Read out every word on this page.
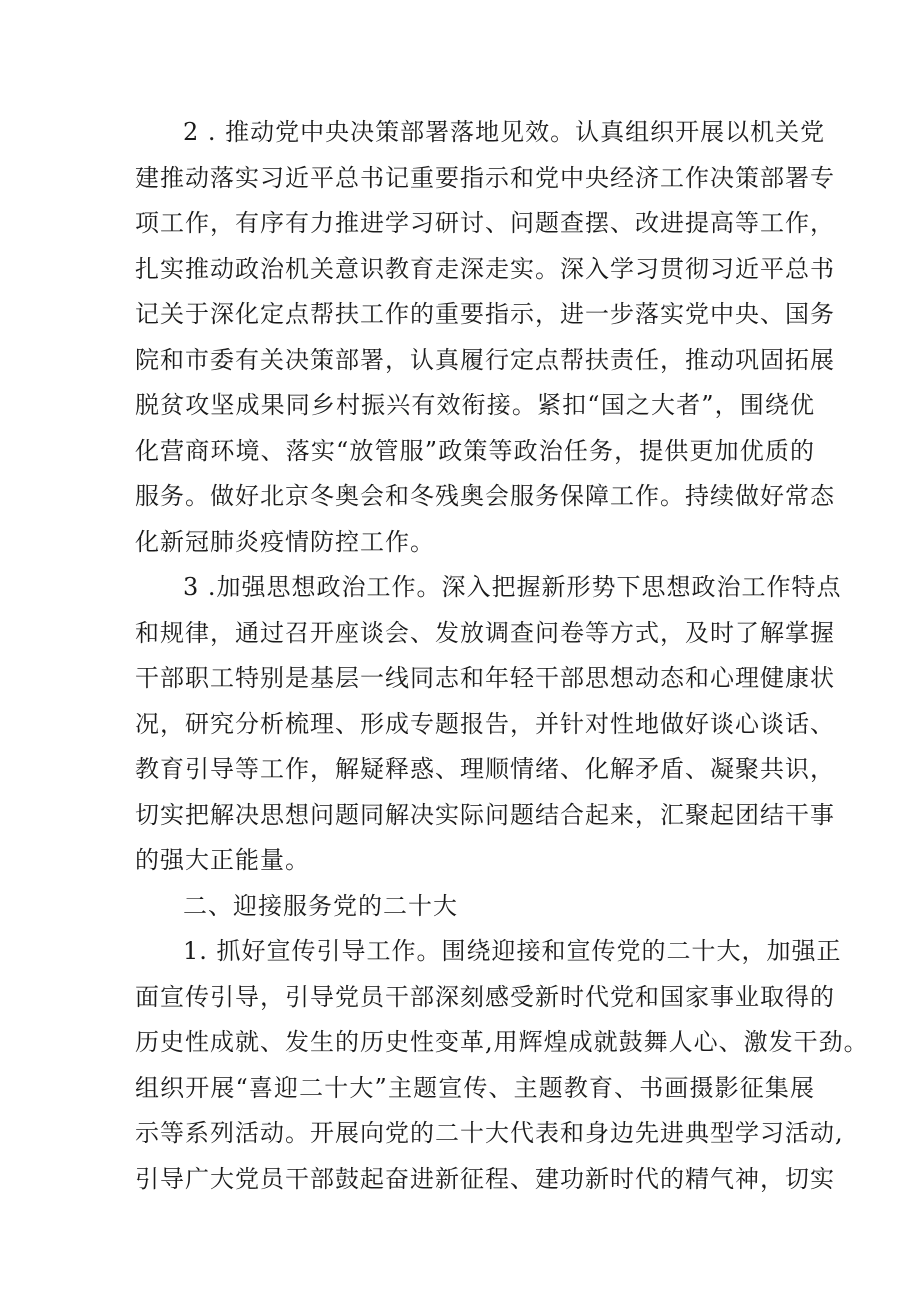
2 . 推动党中央决策部署落地见效。认真组织开展以机关党
建推动落实习近平总书记重要指示和党中央经济工作决策部署专
项工作，有序有力推进学习研讨、问题查摆、改进提高等工作，
扎实推动政治机关意识教育走深走实。深入学习贯彻习近平总书
记关于深化定点帮扶工作的重要指示，进一步落实党中央、国务
院和市委有关决策部署，认真履行定点帮扶责任，推动巩固拓展
脱贫攻坚成果同乡村振兴有效衔接。紧扣“国之大者”，围绕优
化营商环境、落实“放管服”政策等政治任务，提供更加优质的
服务。做好北京冬奥会和冬残奥会服务保障工作。持续做好常态
化新冠肺炎疫情防控工作。
3 .加强思想政治工作。深入把握新形势下思想政治工作特点
和规律，通过召开座谈会、发放调查问卷等方式，及时了解掌握
干部职工特别是基层一线同志和年轻干部思想动态和心理健康状
况，研究分析梳理、形成专题报告，并针对性地做好谈心谈话、
教育引导等工作，解疑释惑、理顺情绪、化解矛盾、凝聚共识，
切实把解决思想问题同解决实际问题结合起来，汇聚起团结干事
的强大正能量。
二、迎接服务党的二十大
1. 抓好宣传引导工作。围绕迎接和宣传党的二十大，加强正
面宣传引导，引导党员干部深刻感受新时代党和国家事业取得的
历史性成就、发生的历史性变革,用辉煌成就鼓舞人心、激发干劲。
组织开展“喜迎二十大”主题宣传、主题教育、书画摄影征集展
示等系列活动。开展向党的二十大代表和身边先进典型学习活动,
引导广大党员干部鼓起奋进新征程、建功新时代的精气神，切实
